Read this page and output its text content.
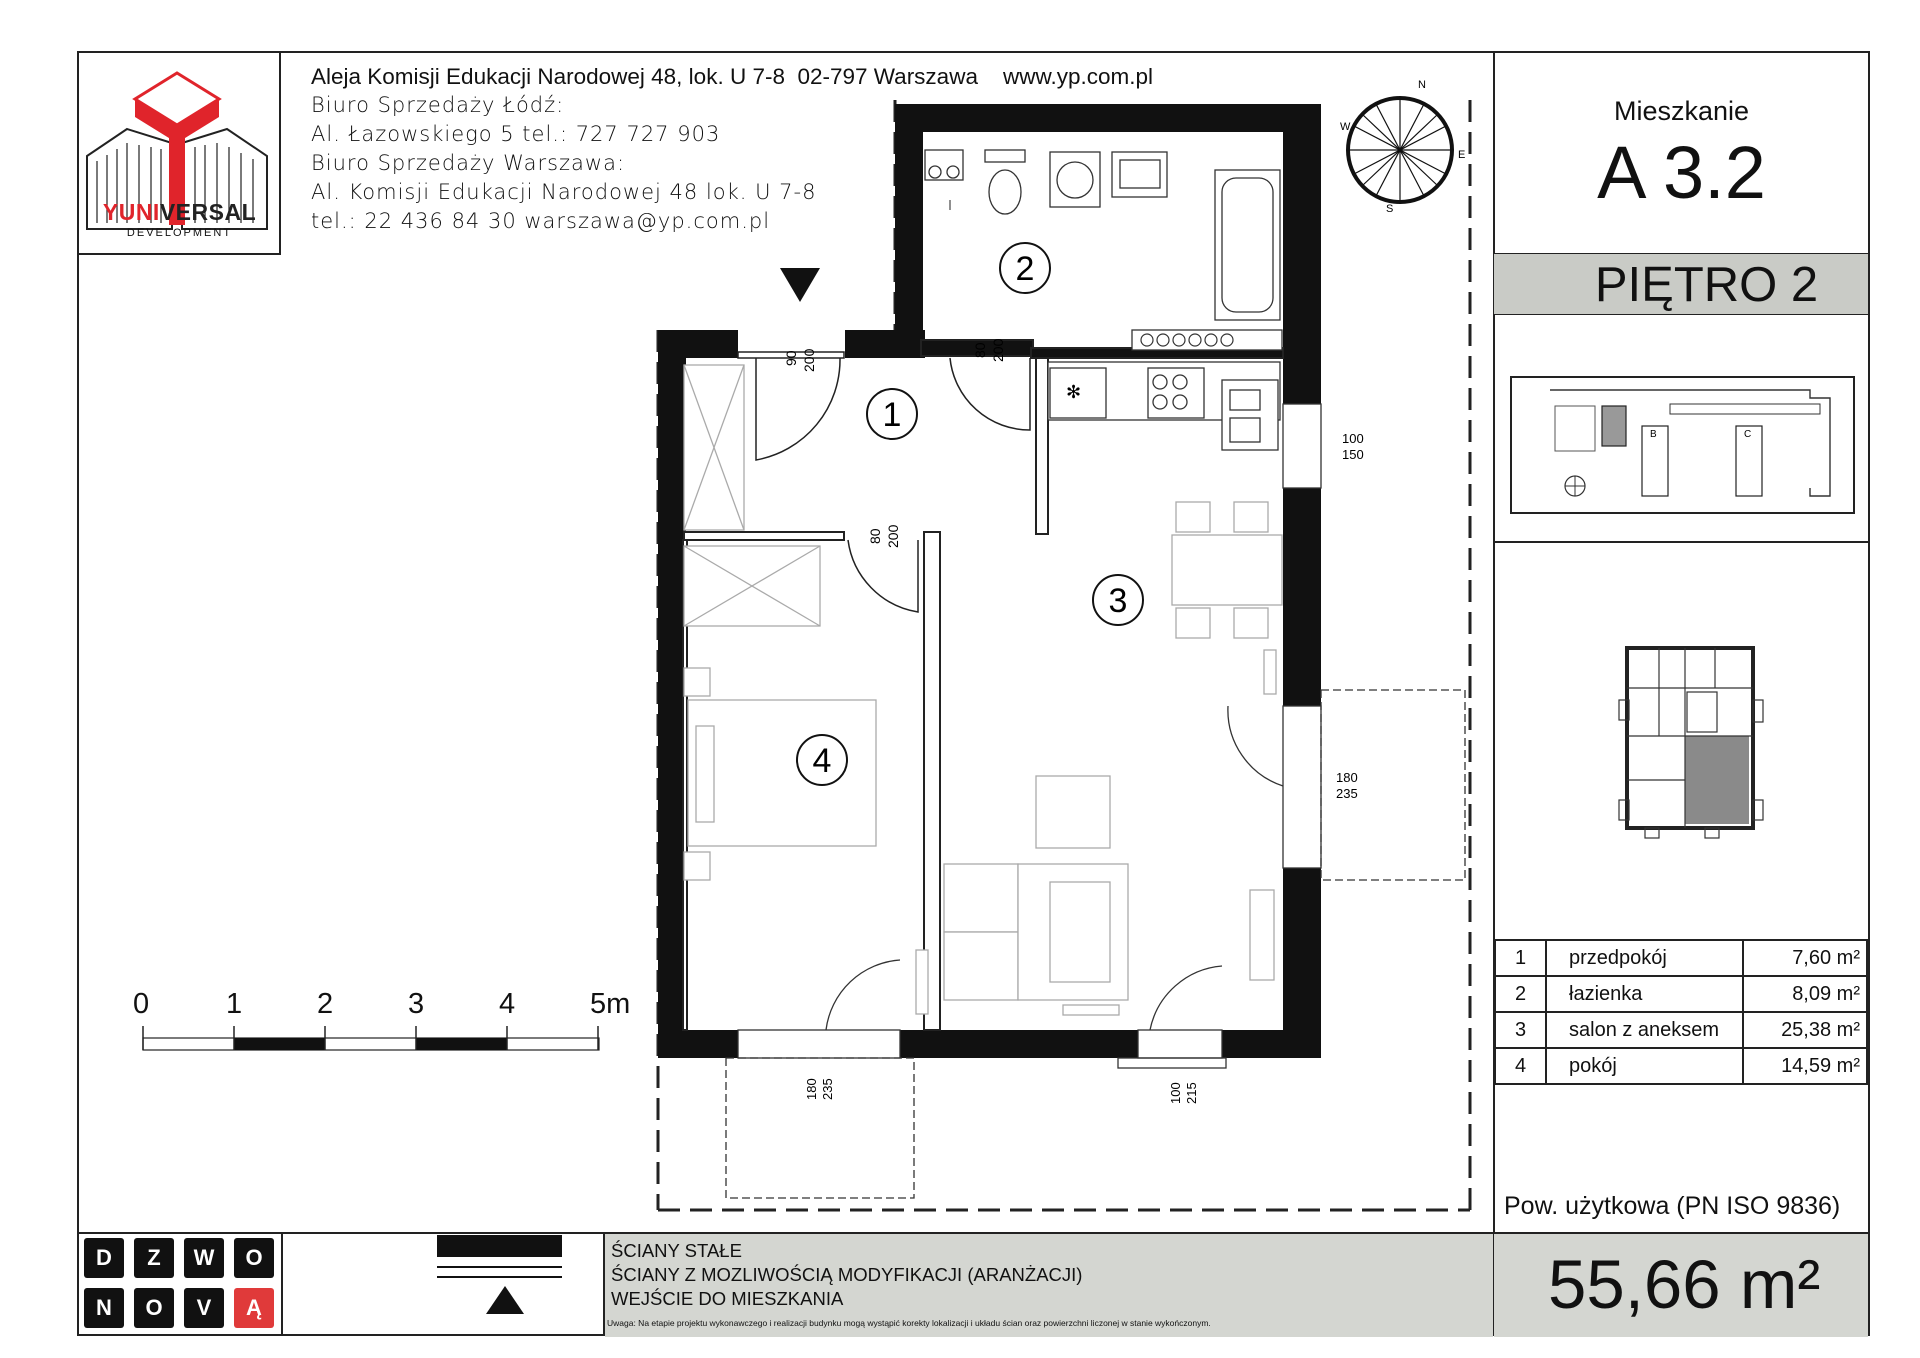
YUNIVERSAL
DEVELOPMENT
Aleja Komisji Edukacji Narodowej 48, lok. U 7-8  02-797 Warszawa    www.yp.com.pl
Biuro Sprzedaży Łódź:
Al. Łazowskiego 5 tel.: 727 727 903
Biuro Sprzedaży Warszawa:
Al. Komisji Edukacji Narodowej 48 lok. U 7-8
tel.: 22 436 84 30 warszawa@yp.com.pl
Mieszkanie
A 3.2
PIĘTRO 2
B	C
1	przedpokój	7,60 m²
2	łazienka	8,09 m²
3	salon z aneksem	25,38 m²
4	pokój	14,59 m²
Pow. użytkowa (PN ISO 9836)
55,66 m²
D	Z	W	O
N	O	V	Ą
ŚCIANY STAŁE
ŚCIANY Z MOZLIWOŚCIĄ MODYFIKACJI (ARANŻACJI)
WEJŚCIE DO MIESZKANIA
Uwaga: Na etapie projektu wykonawczego i realizacji budynku mogą wystąpić korekty lokalizacji i układu ścian oraz powierzchni liczonej w stanie wykończonym.
0	1	2	3	4	5m
90 200	80 200
80 200
✻
100
150
180
235
180 235	100 215
1
2
3
4
N
E
S
W
